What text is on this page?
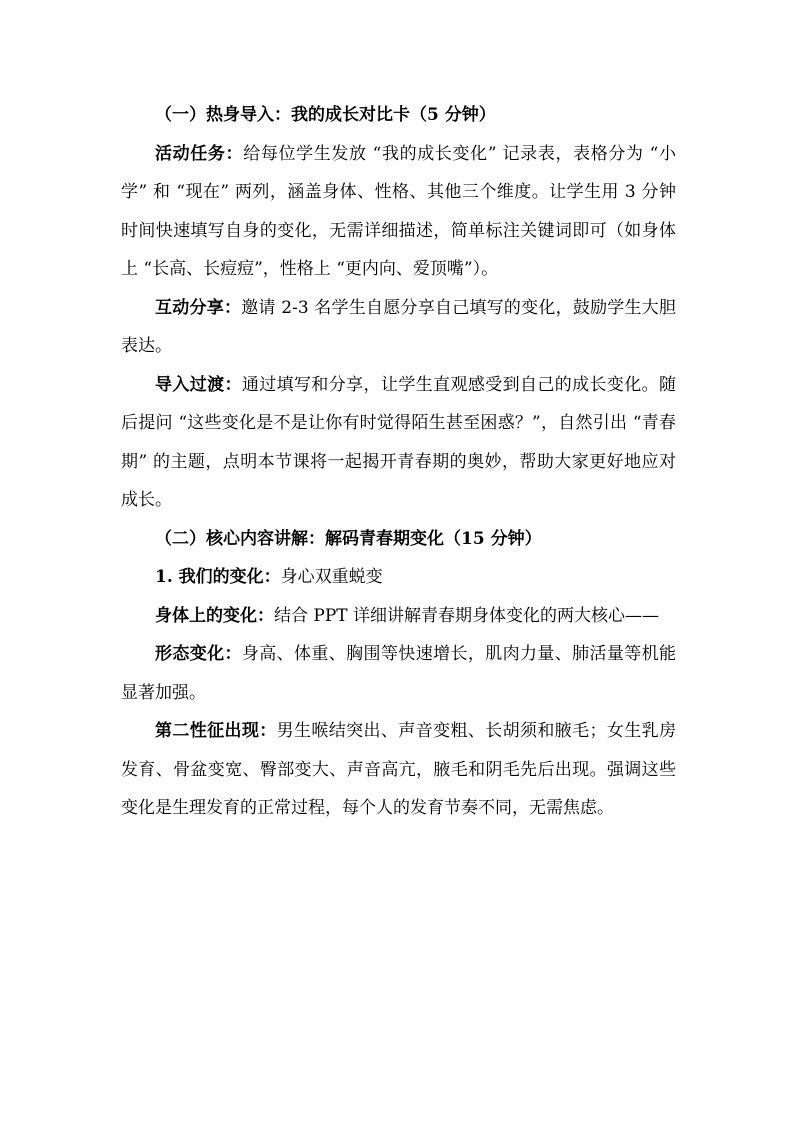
（一）热身导入：我的成长对比卡（5 分钟）

活动任务：给每位学生发放 “我的成长变化” 记录表，表格分为 “小学” 和 “现在” 两列，涵盖身体、性格、其他三个维度。让学生用 3 分钟时间快速填写自身的变化，无需详细描述，简单标注关键词即可（如身体上 “长高、长痘痘”，性格上 “更内向、爱顶嘴”）。

互动分享：邀请 2-3 名学生自愿分享自己填写的变化，鼓励学生大胆表达。

导入过渡：通过填写和分享，让学生直观感受到自己的成长变化。随后提问 “这些变化是不是让你有时觉得陌生甚至困惑？”，自然引出 “青春期” 的主题，点明本节课将一起揭开青春期的奥妙，帮助大家更好地应对成长。

（二）核心内容讲解：解码青春期变化（15 分钟）

1. 我们的变化：身心双重蜕变

身体上的变化：结合 PPT 详细讲解青春期身体变化的两大核心——

形态变化：身高、体重、胸围等快速增长，肌肉力量、肺活量等机能显著加强。

第二性征出现：男生喉结突出、声音变粗、长胡须和腋毛；女生乳房发育、骨盆变宽、臀部变大、声音高亢，腋毛和阴毛先后出现。强调这些变化是生理发育的正常过程，每个人的发育节奏不同，无需焦虑。
